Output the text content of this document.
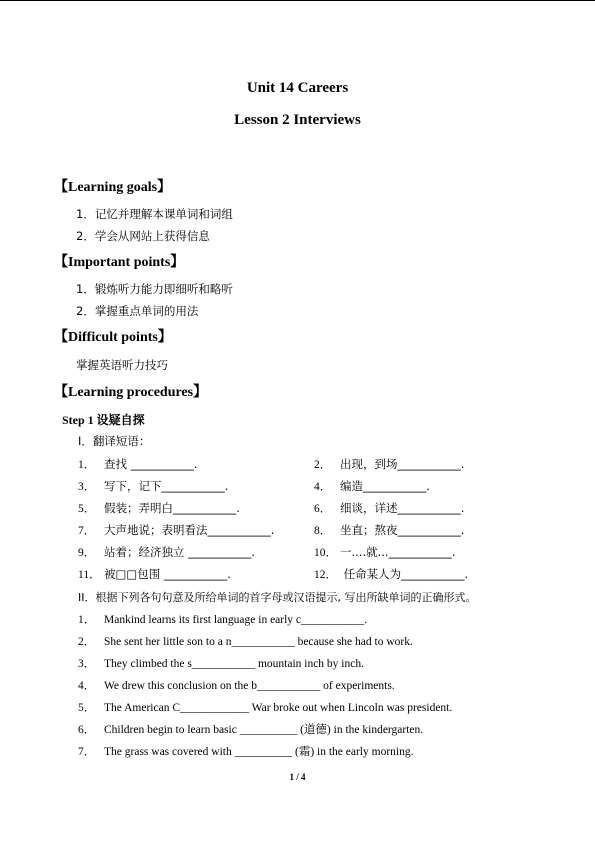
Unit 14 Careers
Lesson 2 Interviews
【Learning goals】
1．记忆并理解本课单词和词组
2．学会从网站上获得信息
【Important points】
1．锻炼听力能力即细听和略听
2．掌握重点单词的用法
【Difficult points】
掌握英语听力技巧
【Learning procedures】
Step 1 设疑自探
I．翻译短语：
1． 查找 ___________.	2． 出现，到场___________.
3． 写下，记下___________.	4． 编造___________.
5． 假装；弄明白___________.	6． 细谈，详述___________.
7． 大声地说；表明看法___________.	8． 坐直；熬夜___________.
9． 站着；经济独立 ___________.	10． 一....就...___________.
11． 被□□包围 ___________.	12． 任命某人为___________.
II．根据下列各句句意及所给单词的首字母或汉语提示, 写出所缺单词的正确形式。
1． Mankind learns its first language in early c___________.
2． She sent her little son to a n___________ because she had to work.
3． They climbed the s___________ mountain inch by inch.
4． We drew this conclusion on the b___________ of experiments.
5． The American C____________ War broke out when Lincoln was president.
6． Children begin to learn basic __________ (道德) in the kindergarten.
7． The grass was covered with __________ (霜) in the early morning.
1 / 4
